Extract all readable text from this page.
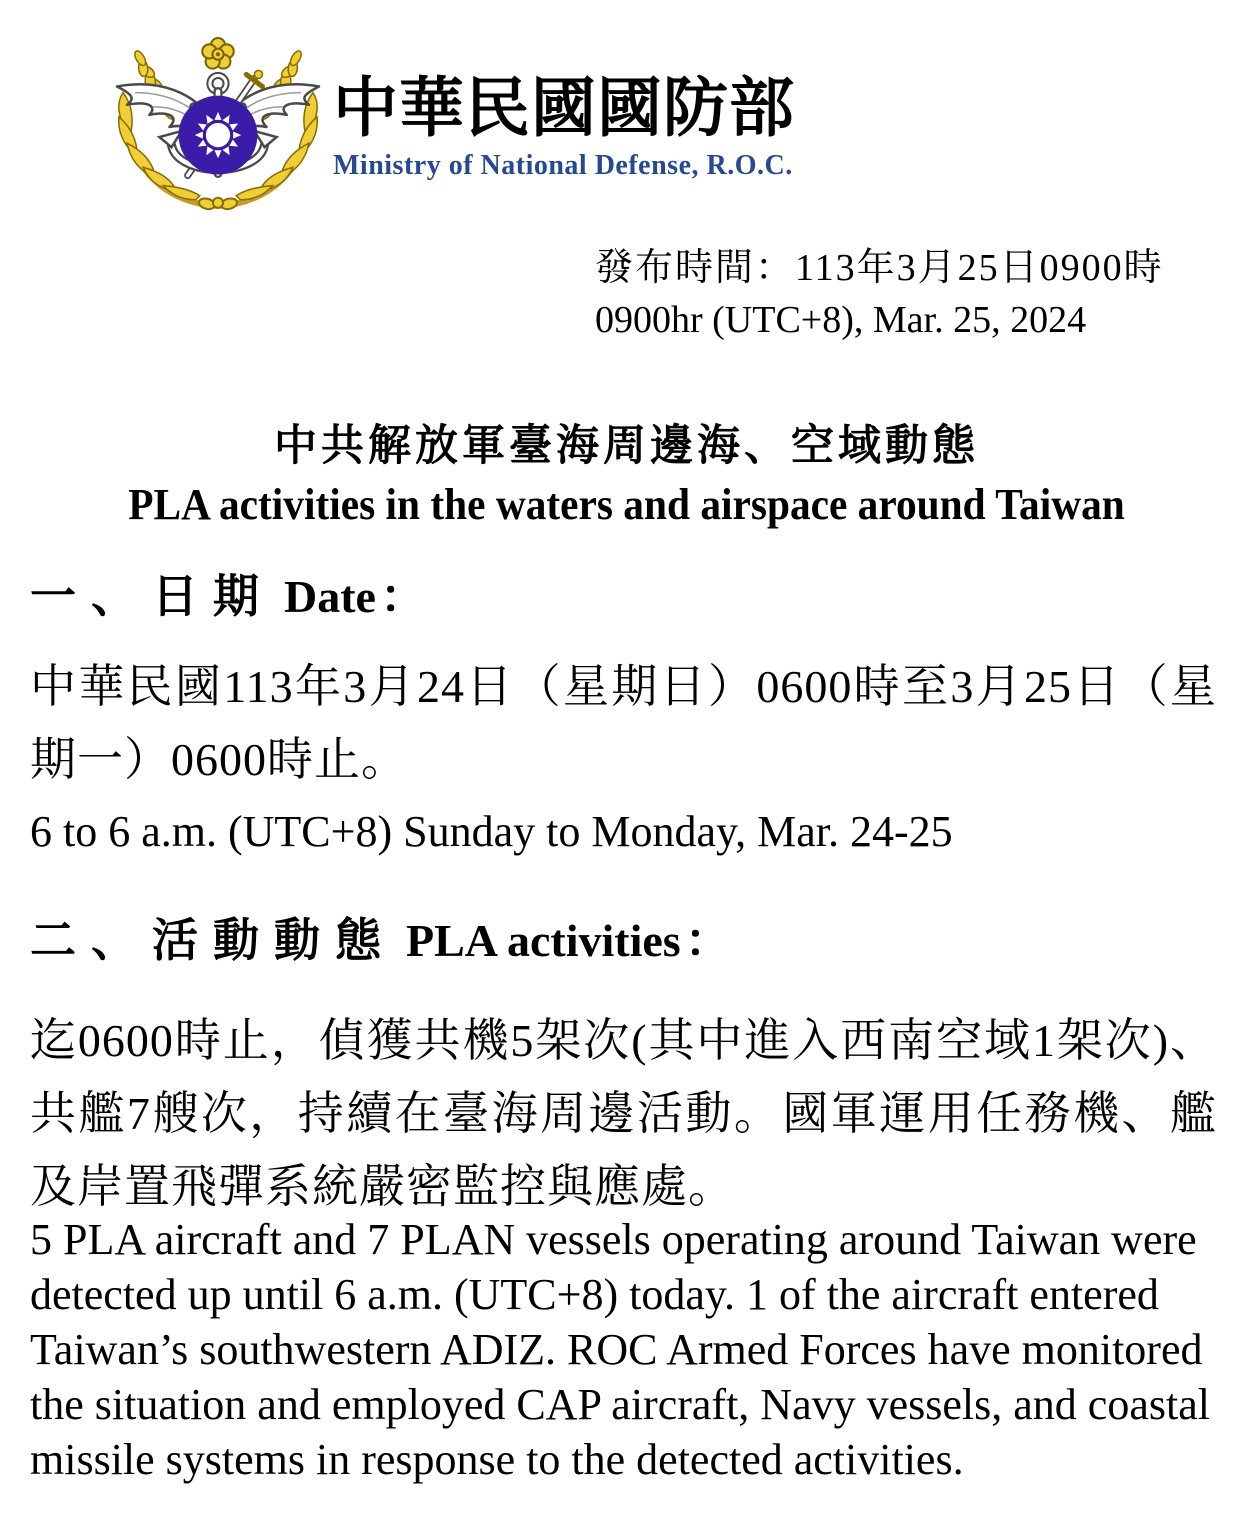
中華民國國防部
Ministry of National Defense, R.O.C.
發布時間：113年3月25日0900時
0900hr (UTC+8), Mar. 25, 2024
中共解放軍臺海周邊海、空域動態
PLA activities in the waters and airspace around Taiwan
一、日期 Date：
中華民國113年3月24日（星期日）0600時至3月25日（星期一）0600時止。
6 to 6 a.m. (UTC+8) Sunday to Monday, Mar. 24-25
二、活動動態 PLA activities：
迄0600時止，偵獲共機5架次(其中進入西南空域1架次)、共艦7艘次，持續在臺海周邊活動。國軍運用任務機、艦及岸置飛彈系統嚴密監控與應處。
5 PLA aircraft and 7 PLAN vessels operating around Taiwan were detected up until 6 a.m. (UTC+8) today. 1 of the aircraft entered Taiwan’s southwestern ADIZ. ROC Armed Forces have monitored the situation and employed CAP aircraft, Navy vessels, and coastal missile systems in response to the detected activities.
